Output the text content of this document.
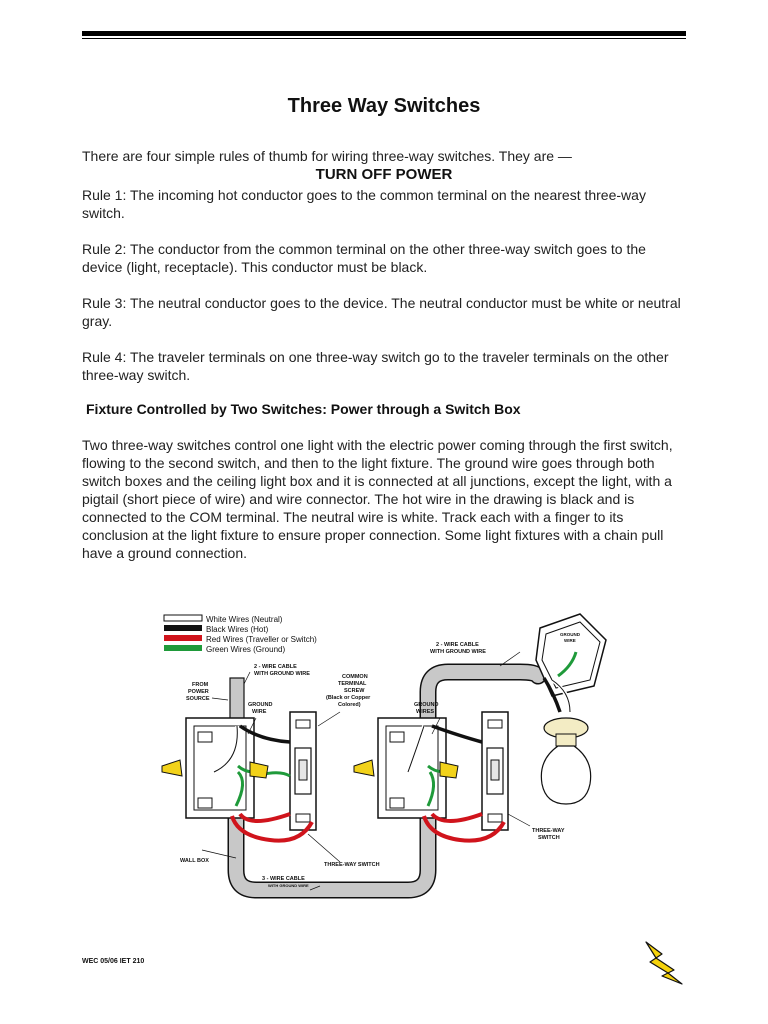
Three Way Switches
There are four simple rules of thumb for wiring three-way switches. They are —
TURN OFF POWER
Rule 1: The incoming hot conductor goes to the common terminal on the nearest three-way switch.
Rule 2: The conductor from the common terminal on the other three-way switch goes to the device (light, receptacle). This conductor must be black.
Rule 3: The neutral conductor goes to the device. The neutral conductor must be white or neutral gray.
Rule 4: The traveler terminals on one three-way switch go to the traveler terminals on the other three-way switch.
Fixture Controlled by Two Switches: Power through a Switch Box
Two three-way switches control one light with the electric power coming through the first switch, flowing to the second switch, and then to the light fixture. The ground wire goes through both switch boxes and the ceiling light box and it is connected at all junctions, except the light, with a pigtail (short piece of wire) and wire connector. The hot wire in the drawing is black and is connected to the COM terminal. The neutral wire is white. Track each with a finger to its conclusion at the light fixture to ensure proper connection. Some light fixtures with a chain pull have a ground connection.
White Wires (Neutral)
Black Wires (Hot)
Red Wires (Traveller or Switch)
Green Wires (Ground)
2 - WIRE CABLE
WITH GROUND WIRE
FROM
POWER
SOURCE
COMMON
TERMINAL
SCREW
(Black or Copper
Colored)
GROUND
WIRE
GROUND
WIRES
2 - WIRE CABLE
WITH GROUND WIRE
GROUND
WIRE
WALL BOX
THREE-WAY SWITCH
3 - WIRE CABLE
WITH GROUND WIRE
THREE-WAY
SWITCH
WEC 05/06 IET 210
